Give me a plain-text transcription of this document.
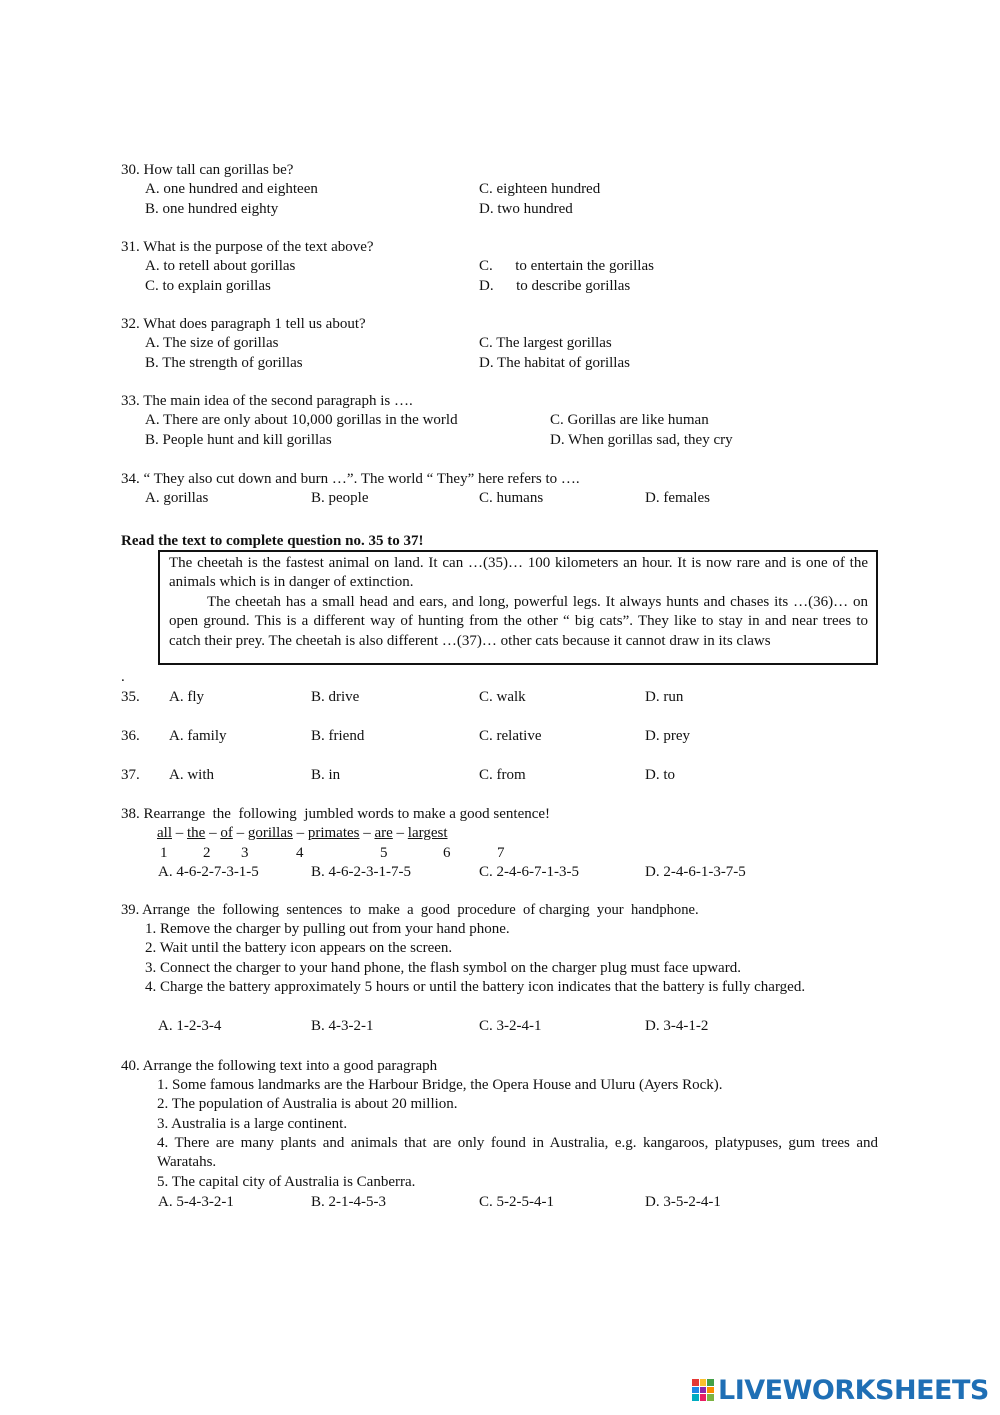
30. How tall can gorillas be?
A. one hundred and eighteen
B. one hundred eighty
C. eighteen hundred
D. two hundred
31. What is the purpose of the text above?
A. to retell about gorillas
C. to explain gorillas
C.      to entertain the gorillas
D.      to describe gorillas
32. What does paragraph 1 tell us about?
A. The size of gorillas
B. The strength of gorillas
C. The largest gorillas
D. The habitat of gorillas
33. The main idea of the second paragraph is ….
A. There are only about 10,000 gorillas in the world
B. People hunt and kill gorillas
C. Gorillas are like human
D. When gorillas sad, they cry
34. “ They also cut down and burn …”. The world “ They” here refers to ….
A. gorillas	B. people	C. humans	D. females
Read the text to complete question no. 35 to 37!

The cheetah is the fastest animal on land. It can …(35)… 100 kilometers an hour. It is now rare and is one of the animals which is in danger of extinction.

The cheetah has a small head and ears, and long, powerful legs. It always hunts and chases its …(36)… on open ground. This is a different way of hunting from the other “ big cats”. They like to stay in and near trees to catch their prey. The cheetah is also different …(37)… other cats because it cannot draw in its claws

.
35. A. fly	B. drive	C. walk	D. run
36. A. family	B. friend	C. relative	D. prey
37. A. with	B. in	C. from	D. to
38. Rearrange  the  following  jumbled words to make a good sentence!
all – the – of – gorillas – primates – are – largest
1 2 3	4	5	6	7
A. 4-6-2-7-3-1-5	B. 4-6-2-3-1-7-5	C. 2-4-6-7-1-3-5	D. 2-4-6-1-3-7-5
39. Arrange  the  following  sentences  to  make  a  good  procedure  of charging  your  handphone.
1. Remove the charger by pulling out from your hand phone.
2. Wait until the battery icon appears on the screen.
3. Connect the charger to your hand phone, the flash symbol on the charger plug must face upward.
4. Charge the battery approximately 5 hours or until the battery icon indicates that the battery is fully charged.
A. 1-2-3-4	B. 4-3-2-1	C. 3-2-4-1	D. 3-4-1-2
40. Arrange the following text into a good paragraph
1. Some famous landmarks are the Harbour Bridge, the Opera House and Uluru (Ayers Rock).
2. The population of Australia is about 20 million.
3. Australia is a large continent.
4. There are many plants and animals that are only found in Australia, e.g. kangaroos, platypuses, gum trees and Waratahs.
5. The capital city of Australia is Canberra.
A. 5-4-3-2-1	B. 2-1-4-5-3	C. 5-2-5-4-1	D. 3-5-2-4-1
LIVEWORKSHEETS
